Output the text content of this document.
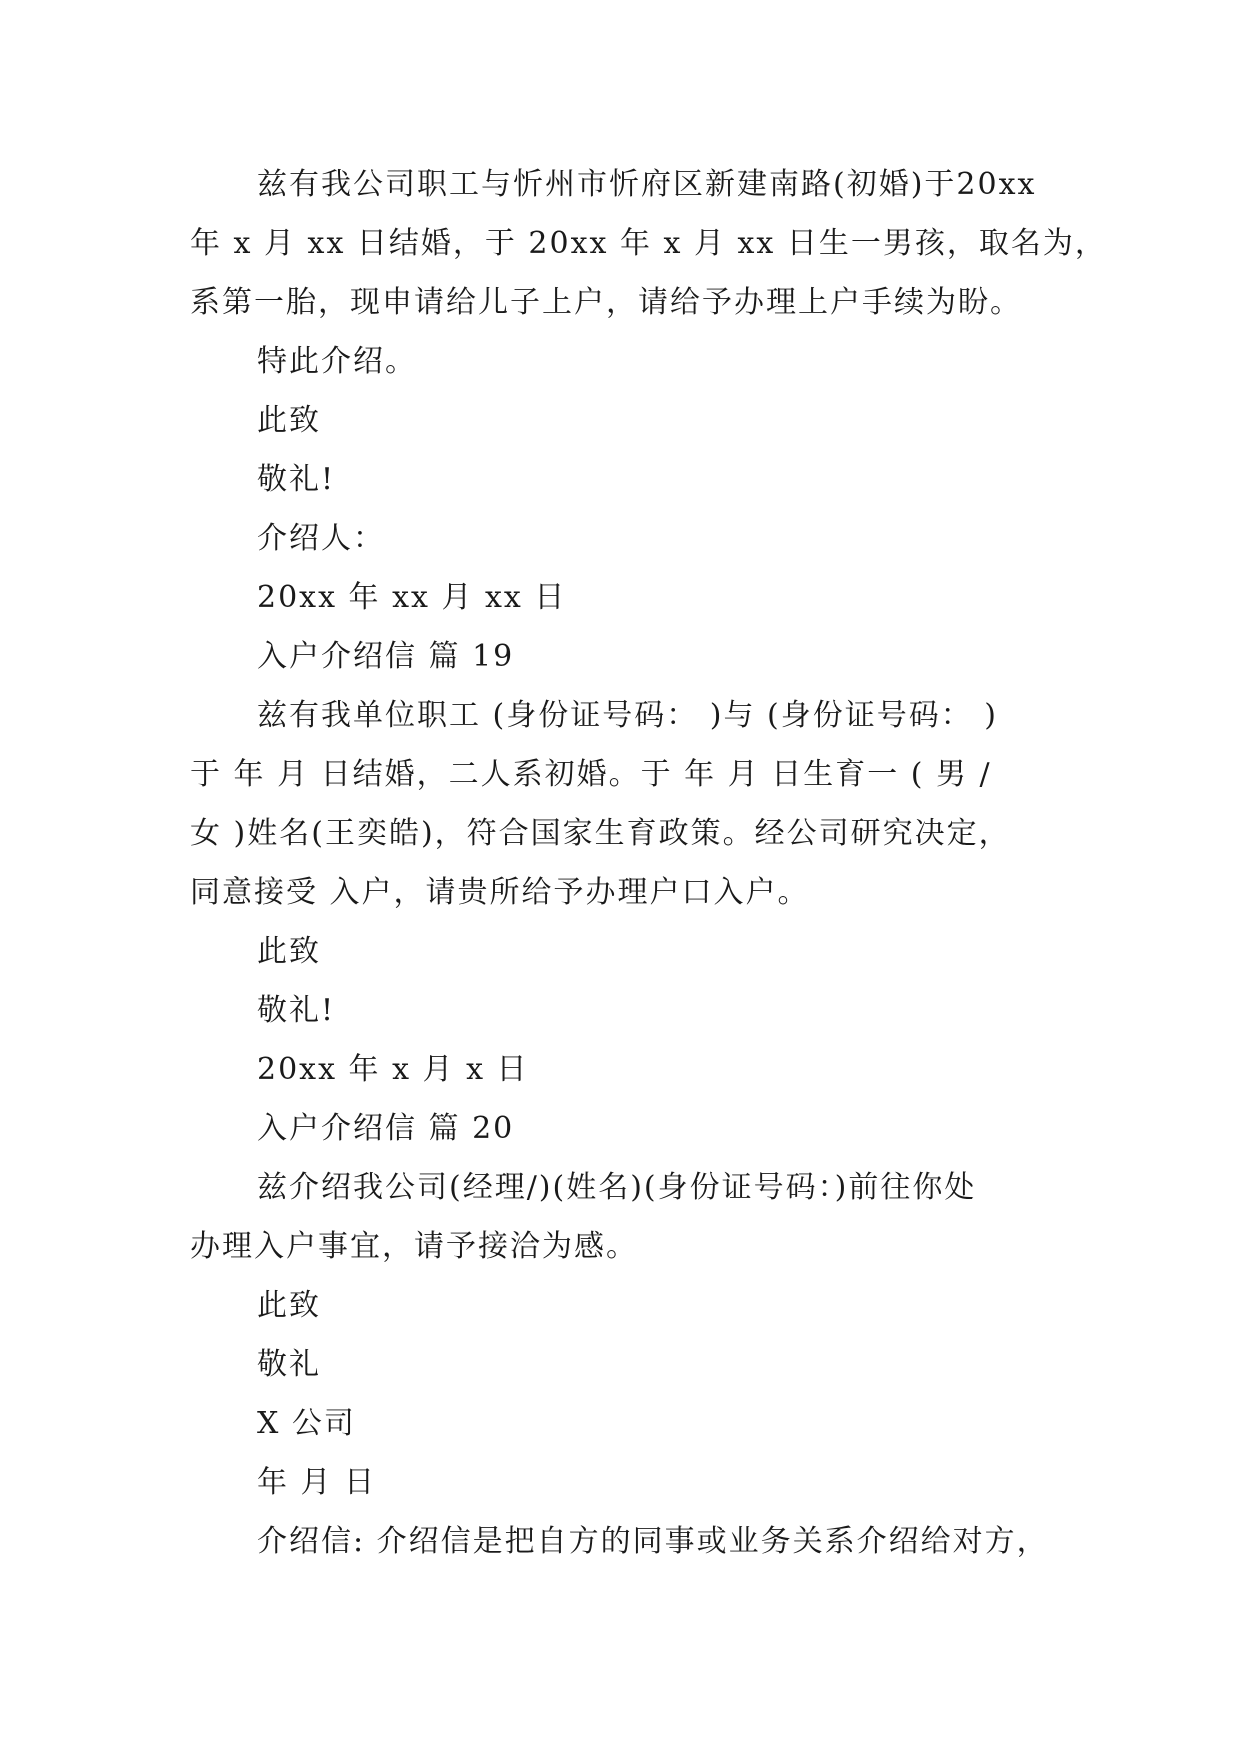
兹有我公司职工与忻州市忻府区新建南路(初婚)于20xx
年 x 月 xx 日结婚，于 20xx 年 x 月 xx 日生一男孩，取名为，
系第一胎，现申请给儿子上户，请给予办理上户手续为盼。
特此介绍。
此致
敬礼!
介绍人：
20xx 年 xx 月 xx 日
入户介绍信 篇 19
兹有我单位职工 (身份证号码： )与 (身份证号码： )
于 年 月 日结婚，二人系初婚。于 年 月 日生育一 ( 男 /
女 )姓名(王奕皓)，符合国家生育政策。经公司研究决定，
同意接受 入户，请贵所给予办理户口入户。
此致
敬礼!
20xx 年 x 月 x 日
入户介绍信 篇 20
兹介绍我公司(经理/)(姓名)(身份证号码：)前往你处
办理入户事宜，请予接洽为感。
此致
敬礼
X 公司
年 月 日
介绍信: 介绍信是把自方的同事或业务关系介绍给对方，
